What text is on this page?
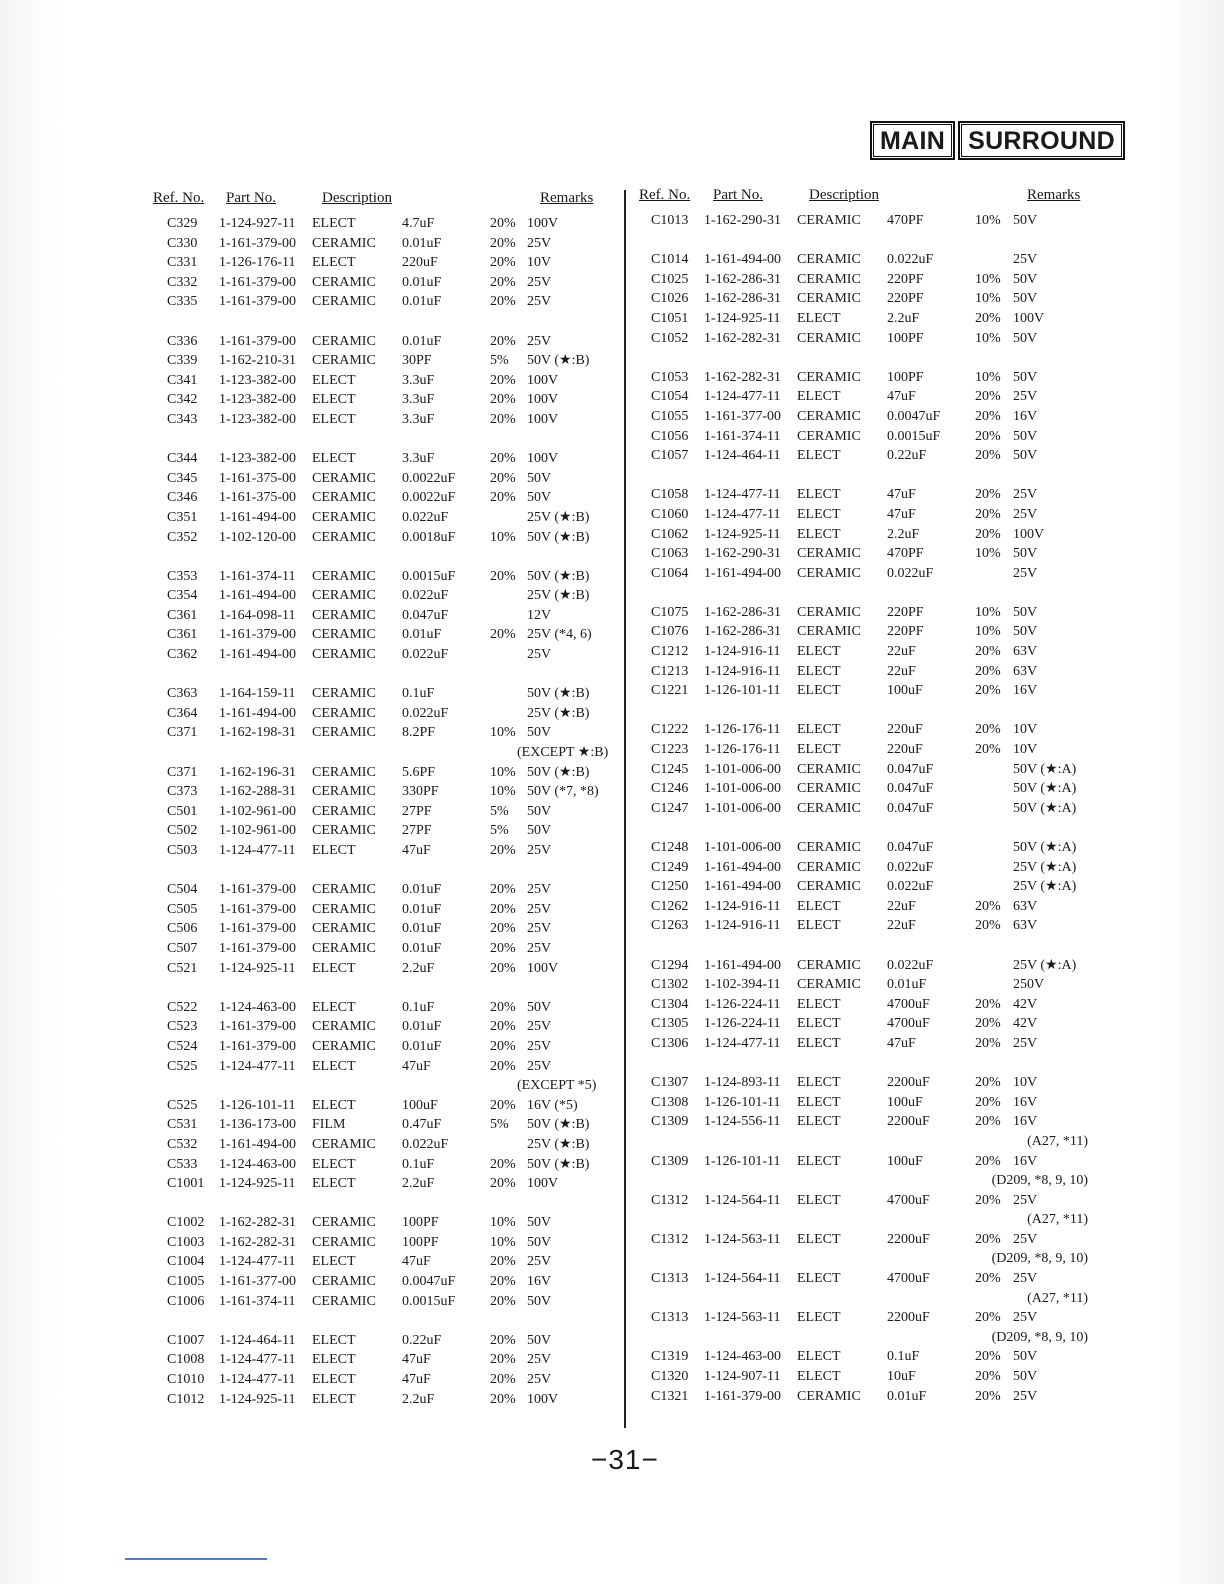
MAIN SURROUND
Ref. No. Part No.	Description	Remarks
C329 1-124-927-11 ELECT	4.7uF	20% 100V
C330 1-161-379-00 CERAMIC 0.01uF	20% 25V
C331 1-126-176-11 ELECT	220uF	20% 10V
C332 1-161-379-00 CERAMIC 0.01uF	20% 25V
C335 1-161-379-00 CERAMIC 0.01uF	20% 25V
C336 1-161-379-00 CERAMIC 0.01uF	20% 25V
C339 1-162-210-31 CERAMIC 30PF	5% 50V (★:B)
C341 1-123-382-00 ELECT	3.3uF	20% 100V
C342 1-123-382-00 ELECT	3.3uF	20% 100V
C343 1-123-382-00 ELECT	3.3uF	20% 100V
C344 1-123-382-00 ELECT	3.3uF	20% 100V
C345 1-161-375-00 CERAMIC 0.0022uF 20% 50V
C346 1-161-375-00 CERAMIC 0.0022uF 20% 50V
C351 1-161-494-00 CERAMIC 0.022uF	25V (★:B)
C352 1-102-120-00 CERAMIC 0.0018uF 10% 50V (★:B)
C353 1-161-374-11 CERAMIC 0.0015uF 20% 50V (★:B)
C354 1-161-494-00 CERAMIC 0.022uF	25V (★:B)
C361 1-164-098-11 CERAMIC 0.047uF	12V
C361 1-161-379-00 CERAMIC 0.01uF	20% 25V (*4, 6)
C362 1-161-494-00 CERAMIC 0.022uF	25V
C363 1-164-159-11 CERAMIC 0.1uF	50V (★:B)
C364 1-161-494-00 CERAMIC 0.022uF	25V (★:B)
C371 1-162-198-31 CERAMIC 8.2PF	10% 50V
(EXCEPT ★:B)
C371 1-162-196-31 CERAMIC 5.6PF	10% 50V (★:B)
C373 1-162-288-31 CERAMIC 330PF	10% 50V (*7, *8)
C501 1-102-961-00 CERAMIC 27PF	5% 50V
C502 1-102-961-00 CERAMIC 27PF	5% 50V
C503 1-124-477-11 ELECT	47uF	20% 25V
C504 1-161-379-00 CERAMIC 0.01uF	20% 25V
C505 1-161-379-00 CERAMIC 0.01uF	20% 25V
C506 1-161-379-00 CERAMIC 0.01uF	20% 25V
C507 1-161-379-00 CERAMIC 0.01uF	20% 25V
C521 1-124-925-11 ELECT	2.2uF	20% 100V
C522 1-124-463-00 ELECT	0.1uF	20% 50V
C523 1-161-379-00 CERAMIC 0.01uF	20% 25V
C524 1-161-379-00 CERAMIC 0.01uF	20% 25V
C525 1-124-477-11 ELECT	47uF	20% 25V
(EXCEPT *5)
C525 1-126-101-11 ELECT	100uF	20% 16V (*5)
C531 1-136-173-00 FILM	0.47uF	5% 50V (★:B)
C532 1-161-494-00 CERAMIC 0.022uF	25V (★:B)
C533 1-124-463-00 ELECT	0.1uF	20% 50V (★:B)
C1001 1-124-925-11 ELECT	2.2uF	20% 100V
C1002 1-162-282-31 CERAMIC 100PF	10% 50V
C1003 1-162-282-31 CERAMIC 100PF	10% 50V
C1004 1-124-477-11 ELECT	47uF	20% 25V
C1005 1-161-377-00 CERAMIC 0.0047uF 20% 16V
C1006 1-161-374-11 CERAMIC 0.0015uF 20% 50V
C1007 1-124-464-11 ELECT	0.22uF	20% 50V
C1008 1-124-477-11 ELECT	47uF	20% 25V
C1010 1-124-477-11 ELECT	47uF	20% 25V
C1012 1-124-925-11 ELECT	2.2uF	20% 100V
Ref. No. Part No.	Description	Remarks
C1013 1-162-290-31 CERAMIC 470PF	10% 50V
C1014 1-161-494-00 CERAMIC 0.022uF	25V
C1025 1-162-286-31 CERAMIC 220PF	10% 50V
C1026 1-162-286-31 CERAMIC 220PF	10% 50V
C1051 1-124-925-11 ELECT	2.2uF	20% 100V
C1052 1-162-282-31 CERAMIC 100PF	10% 50V
C1053 1-162-282-31 CERAMIC 100PF	10% 50V
C1054 1-124-477-11 ELECT	47uF	20% 25V
C1055 1-161-377-00 CERAMIC 0.0047uF 20% 16V
C1056 1-161-374-11 CERAMIC 0.0015uF 20% 50V
C1057 1-124-464-11 ELECT	0.22uF	20% 50V
C1058 1-124-477-11 ELECT	47uF	20% 25V
C1060 1-124-477-11 ELECT	47uF	20% 25V
C1062 1-124-925-11 ELECT	2.2uF	20% 100V
C1063 1-162-290-31 CERAMIC 470PF	10% 50V
C1064 1-161-494-00 CERAMIC 0.022uF	25V
C1075 1-162-286-31 CERAMIC 220PF	10% 50V
C1076 1-162-286-31 CERAMIC 220PF	10% 50V
C1212 1-124-916-11 ELECT	22uF	20% 63V
C1213 1-124-916-11 ELECT	22uF	20% 63V
C1221 1-126-101-11 ELECT	100uF	20% 16V
C1222 1-126-176-11 ELECT	220uF	20% 10V
C1223 1-126-176-11 ELECT	220uF	20% 10V
C1245 1-101-006-00 CERAMIC 0.047uF	50V (★:A)
C1246 1-101-006-00 CERAMIC 0.047uF	50V (★:A)
C1247 1-101-006-00 CERAMIC 0.047uF	50V (★:A)
C1248 1-101-006-00 CERAMIC 0.047uF	50V (★:A)
C1249 1-161-494-00 CERAMIC 0.022uF	25V (★:A)
C1250 1-161-494-00 CERAMIC 0.022uF	25V (★:A)
C1262 1-124-916-11 ELECT	22uF	20% 63V
C1263 1-124-916-11 ELECT	22uF	20% 63V
C1294 1-161-494-00 CERAMIC 0.022uF	25V (★:A)
C1302 1-102-394-11 CERAMIC 0.01uF	250V
C1304 1-126-224-11 ELECT	4700uF	20% 42V
C1305 1-126-224-11 ELECT	4700uF	20% 42V
C1306 1-124-477-11 ELECT	47uF	20% 25V
C1307 1-124-893-11 ELECT	2200uF	20% 10V
C1308 1-126-101-11 ELECT	100uF	20% 16V
C1309 1-124-556-11 ELECT	2200uF	20% 16V
(A27, *11)
C1309 1-126-101-11 ELECT	100uF	20% 16V
(D209, *8, 9, 10)
C1312 1-124-564-11 ELECT	4700uF	20% 25V
(A27, *11)
C1312 1-124-563-11 ELECT	2200uF	20% 25V
(D209, *8, 9, 10)
C1313 1-124-564-11 ELECT	4700uF	20% 25V
(A27, *11)
C1313 1-124-563-11 ELECT	2200uF	20% 25V
(D209, *8, 9, 10)
C1319 1-124-463-00 ELECT	0.1uF	20% 50V
C1320 1-124-907-11 ELECT	10uF	20% 50V
C1321 1-161-379-00 CERAMIC 0.01uF	20% 25V
−31−
